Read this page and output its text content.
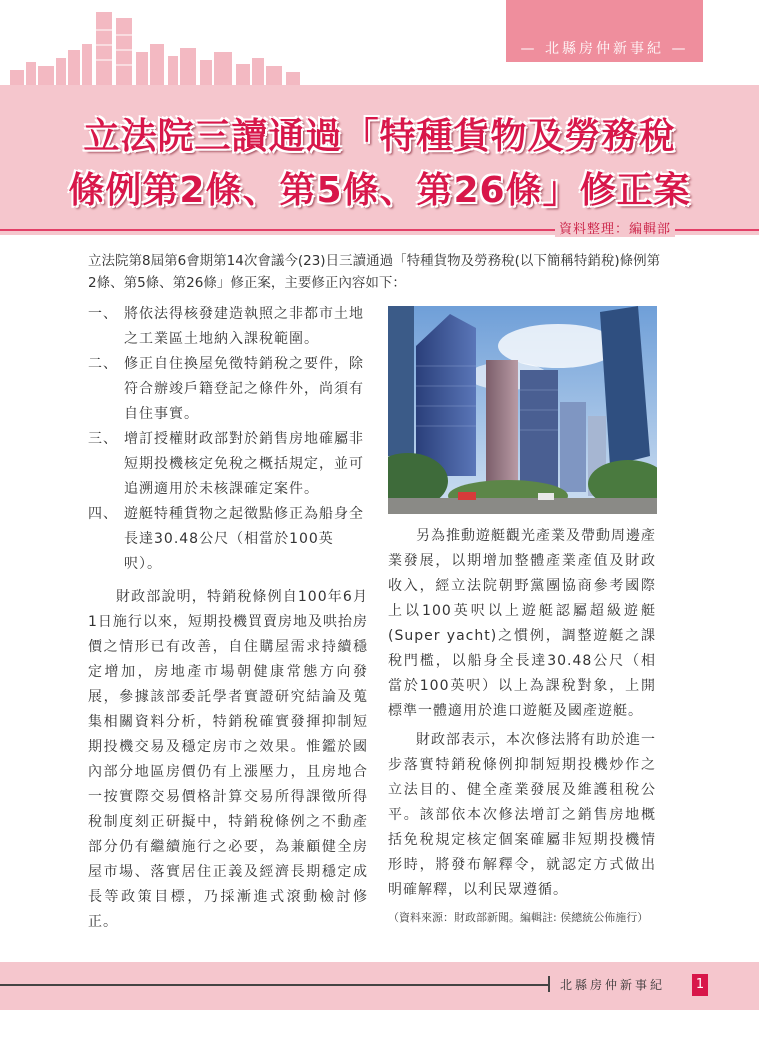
— 北縣房仲新事紀 —
立法院三讀通過「特種貨物及勞務稅
條例第2條、第5條、第26條」修正案
資料整理：編輯部
立法院第8屆第6會期第14次會議今(23)日三讀通過「特種貨物及勞務稅(以下簡稱特銷稅)條例第2條、第5條、第26條」修正案，主要修正內容如下：
一、 將依法得核發建造執照之非都市土地之工業區土地納入課稅範圍。
二、 修正自住換屋免徵特銷稅之要件，除符合辦竣戶籍登記之條件外，尚須有自住事實。
三、 增訂授權財政部對於銷售房地確屬非短期投機核定免稅之概括規定，並可追溯適用於未核課確定案件。
四、 遊艇特種貨物之起徵點修正為船身全長達30.48公尺（相當於100英呎）。
財政部說明，特銷稅條例自100年6月1日施行以來，短期投機買賣房地及哄抬房價之情形已有改善，自住購屋需求持續穩定增加，房地產市場朝健康常態方向發展，參據該部委託學者實證研究結論及蒐集相關資料分析，特銷稅確實發揮抑制短期投機交易及穩定房市之效果。惟鑑於國內部分地區房價仍有上漲壓力，且房地合一按實際交易價格計算交易所得課徵所得稅制度刻正研擬中，特銷稅條例之不動產部分仍有繼續施行之必要，為兼顧健全房屋市場、落實居住正義及經濟長期穩定成長等政策目標，乃採漸進式滾動檢討修正。
另為推動遊艇觀光產業及帶動周邊產業發展，以期增加整體產業產值及財政收入，經立法院朝野黨團協商參考國際上以100英呎以上遊艇認屬超級遊艇(Super yacht)之慣例，調整遊艇之課稅門檻，以船身全長達30.48公尺（相當於100英呎）以上為課稅對象，上開標準一體適用於進口遊艇及國產遊艇。
財政部表示，本次修法將有助於進一步落實特銷稅條例抑制短期投機炒作之立法目的、健全產業發展及維護租稅公平。該部依本次修法增訂之銷售房地概括免稅規定核定個案確屬非短期投機情形時，將發布解釋令，就認定方式做出明確解釋，以利民眾遵循。
（資料來源：財政部新聞。編輯註: 侯總統公佈施行）
北縣房仲新事紀 1
